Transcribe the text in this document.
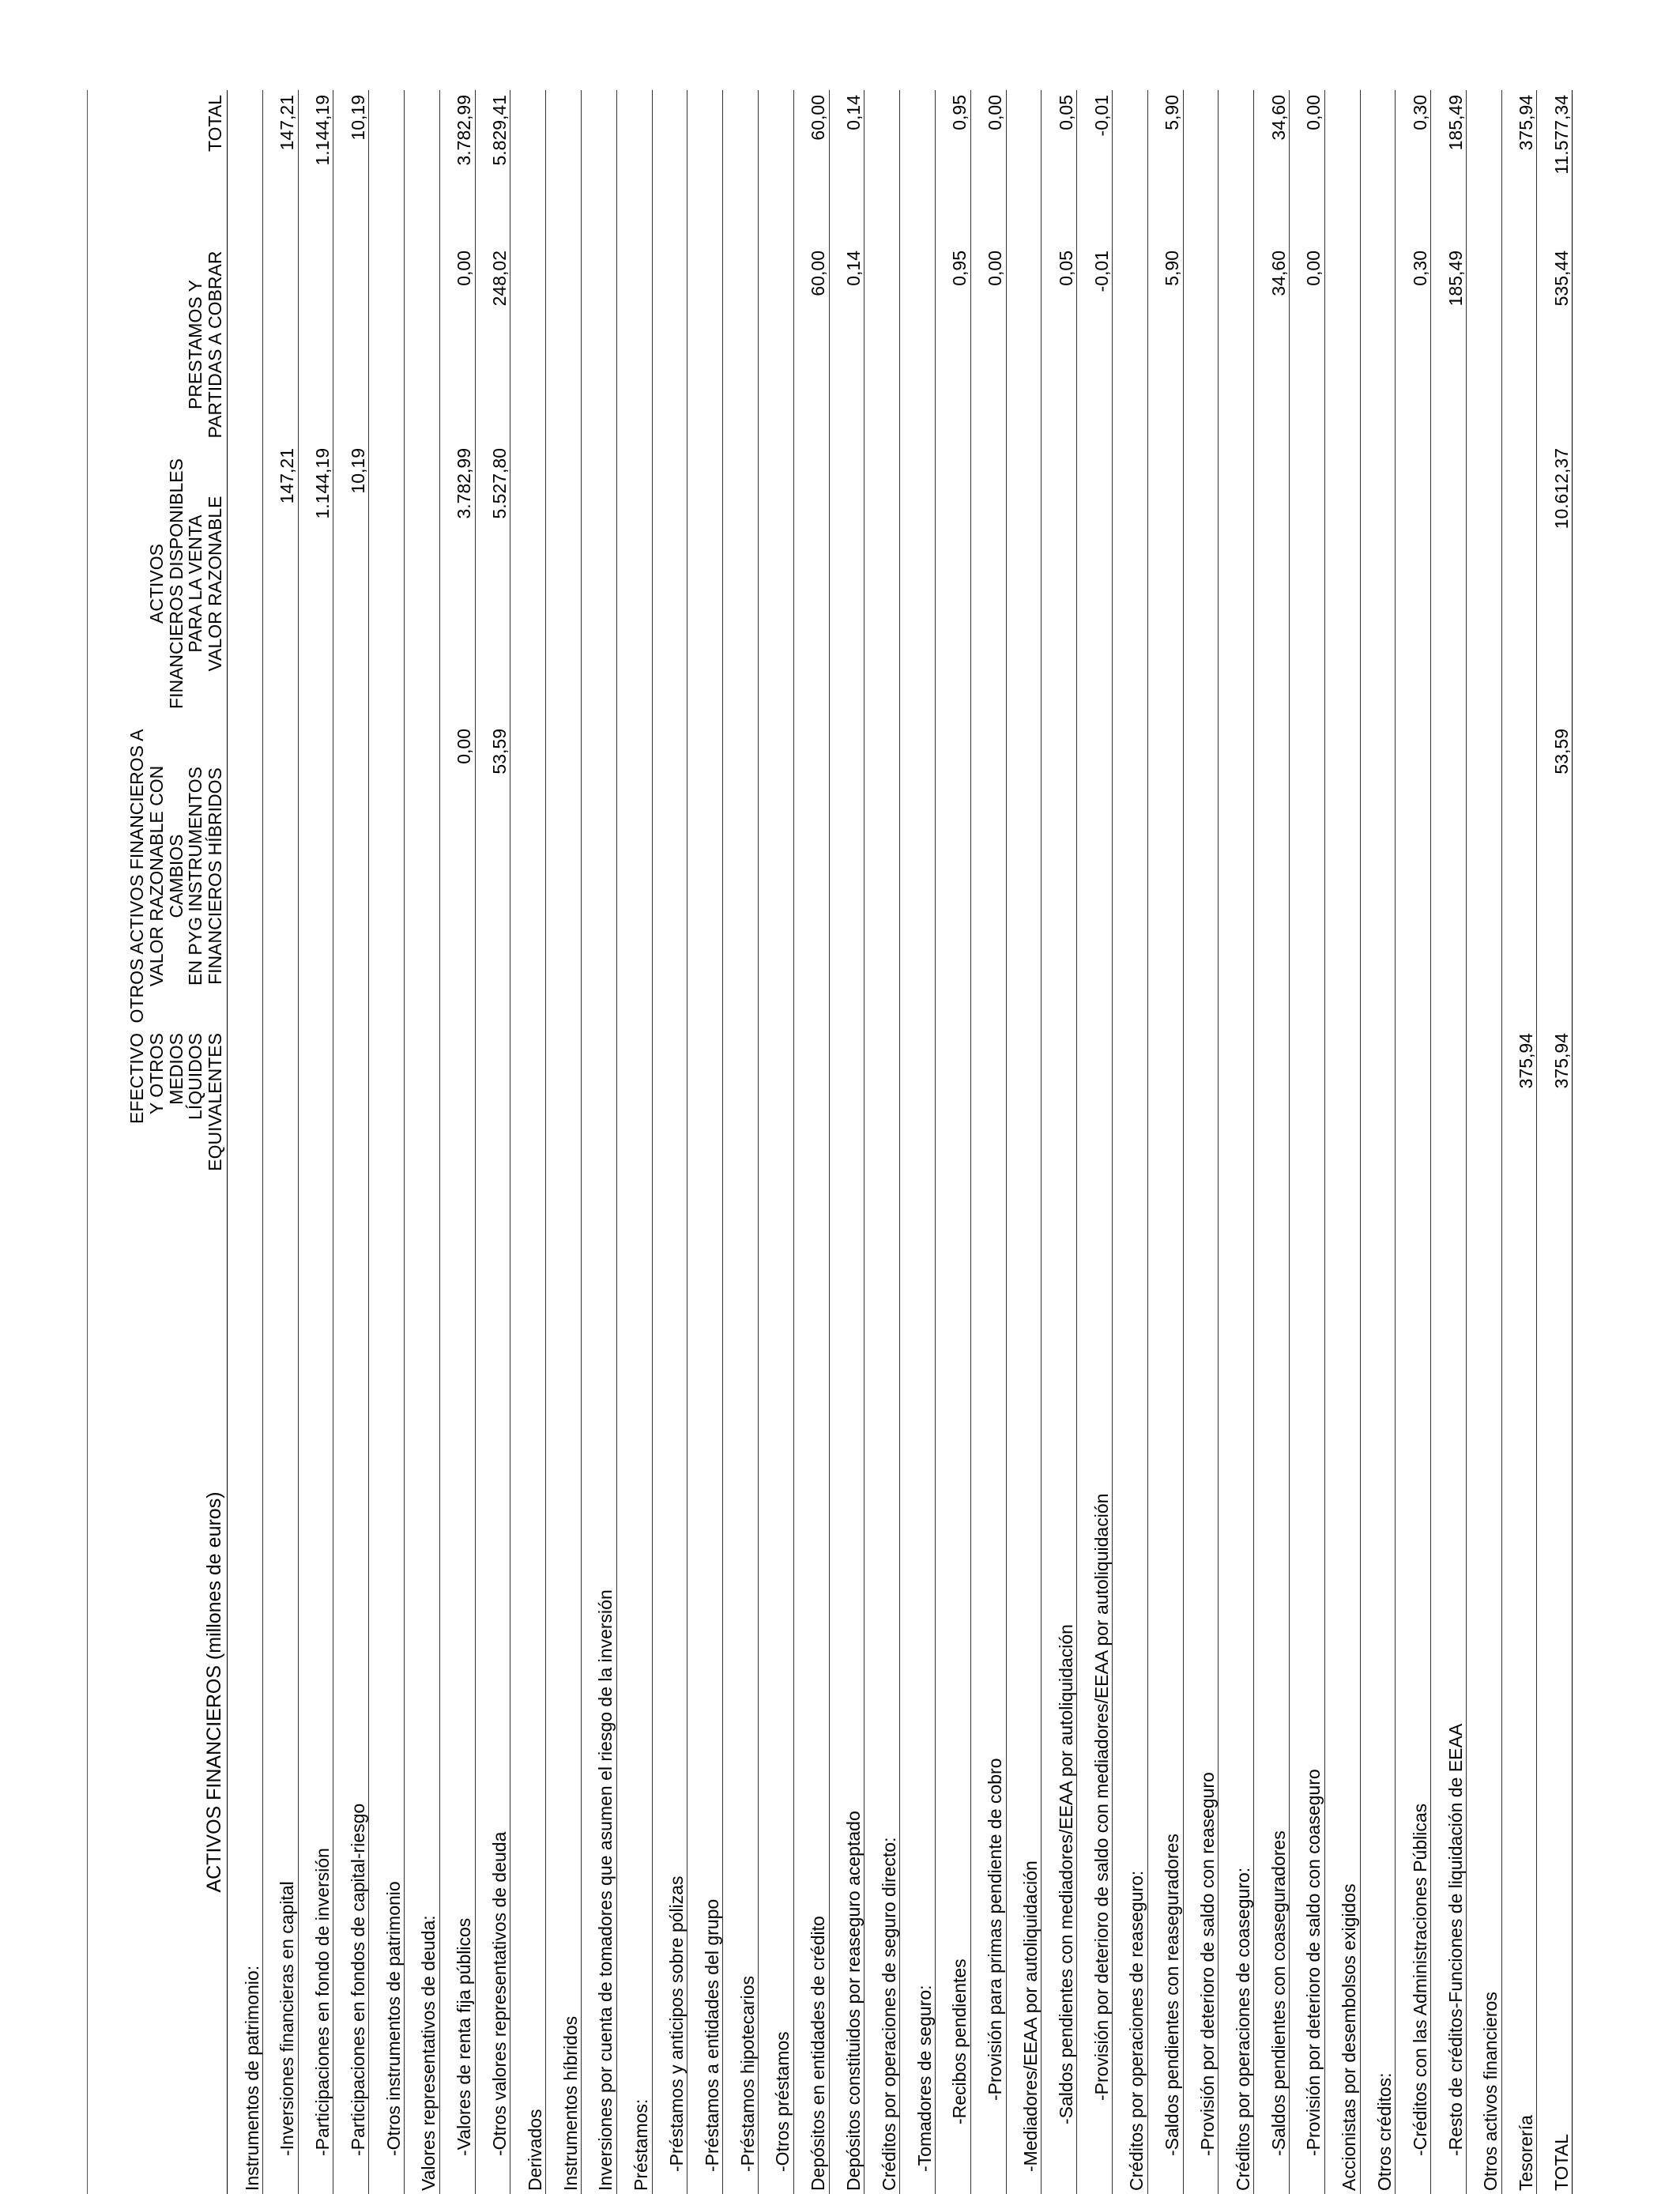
ACTIVOS FINANCIEROS (millones de euros)	EFECTIVO
Y OTROS
MEDIOS
LÍQUIDOS
EQUIVALENTES	OTROS ACTIVOS FINANCIEROS A
VALOR RAZONABLE CON CAMBIOS
EN PYG INSTRUMENTOS
FINANCIEROS HÍBRIDOS	ACTIVOS
FINANCIEROS DISPONIBLES
PARA LA VENTA
VALOR RAZONABLE	PRESTAMOS Y
PARTIDAS A COBRAR	TOTAL
Instrumentos de patrimonio:					
-Inversiones financieras en capital			147,21		147,21
-Participaciones en fondo de inversión			1.144,19		1.144,19
-Participaciones en fondos de capital-riesgo			10,19		10,19
-Otros instrumentos de patrimonio					
Valores representativos de deuda:					
-Valores de renta fija públicos		0,00	3.782,99	0,00	3.782,99
-Otros valores representativos de deuda		53,59	5.527,80	248,02	5.829,41
Derivados					
Instrumentos híbridos					
Inversiones por cuenta de tomadores que asumen el riesgo de la inversión					
Préstamos:					
-Préstamos y anticipos sobre pólizas					
-Préstamos a entidades del grupo					
-Préstamos hipotecarios					
-Otros préstamos					
Depósitos en entidades de crédito				60,00	60,00
Depósitos constituidos por reaseguro aceptado				0,14	0,14
Créditos por operaciones de seguro directo:					
-Tomadores de seguro:					
-Recibos pendientes				0,95	0,95
-Provisión para primas pendiente de cobro				0,00	0,00
-Mediadores/EEAA por autoliquidación					
-Saldos pendientes con mediadores/EEAA por autoliquidación				0,05	0,05
-Provisión por deterioro de saldo con mediadores/EEAA por autoliquidación				-0,01	-0,01
Créditos por operaciones de reaseguro:					
-Saldos pendientes con reaseguradores				5,90	5,90
-Provisión por deterioro de saldo con reaseguro					
Créditos por operaciones de coaseguro:					
-Saldos pendientes con coaseguradores				34,60	34,60
-Provisión por deterioro de saldo con coaseguro				0,00	0,00
Accionistas por desembolsos exigidos					
Otros créditos:					
-Créditos con las Administraciones Públicas				0,30	0,30
-Resto de créditos-Funciones de liquidación de EEAA				185,49	185,49
Otros activos financieros					
Tesorería	375,94				375,94
TOTAL	375,94	53,59	10.612,37	535,44	11.577,34
